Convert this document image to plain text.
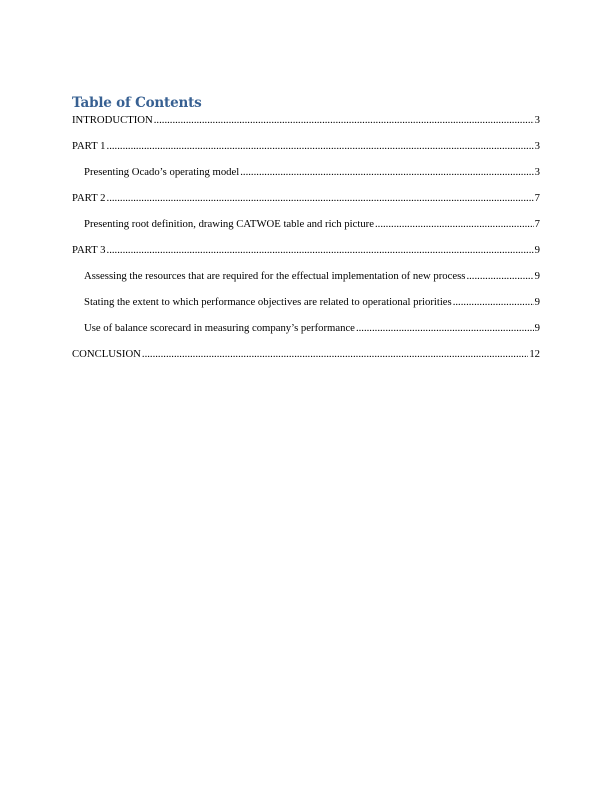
Table of Contents
INTRODUCTION .....	3
PART 1 .....	3
Presenting Ocado’s operating model .....	3
PART 2 .....	7
Presenting root definition, drawing CATWOE table and rich picture .....	7
PART 3 .....	9
Assessing the resources that are required for the effectual implementation of new process .....	9
Stating the extent to which performance objectives are related to operational priorities .....	9
Use of balance scorecard in measuring company’s performance .....	9
CONCLUSION .....	12
